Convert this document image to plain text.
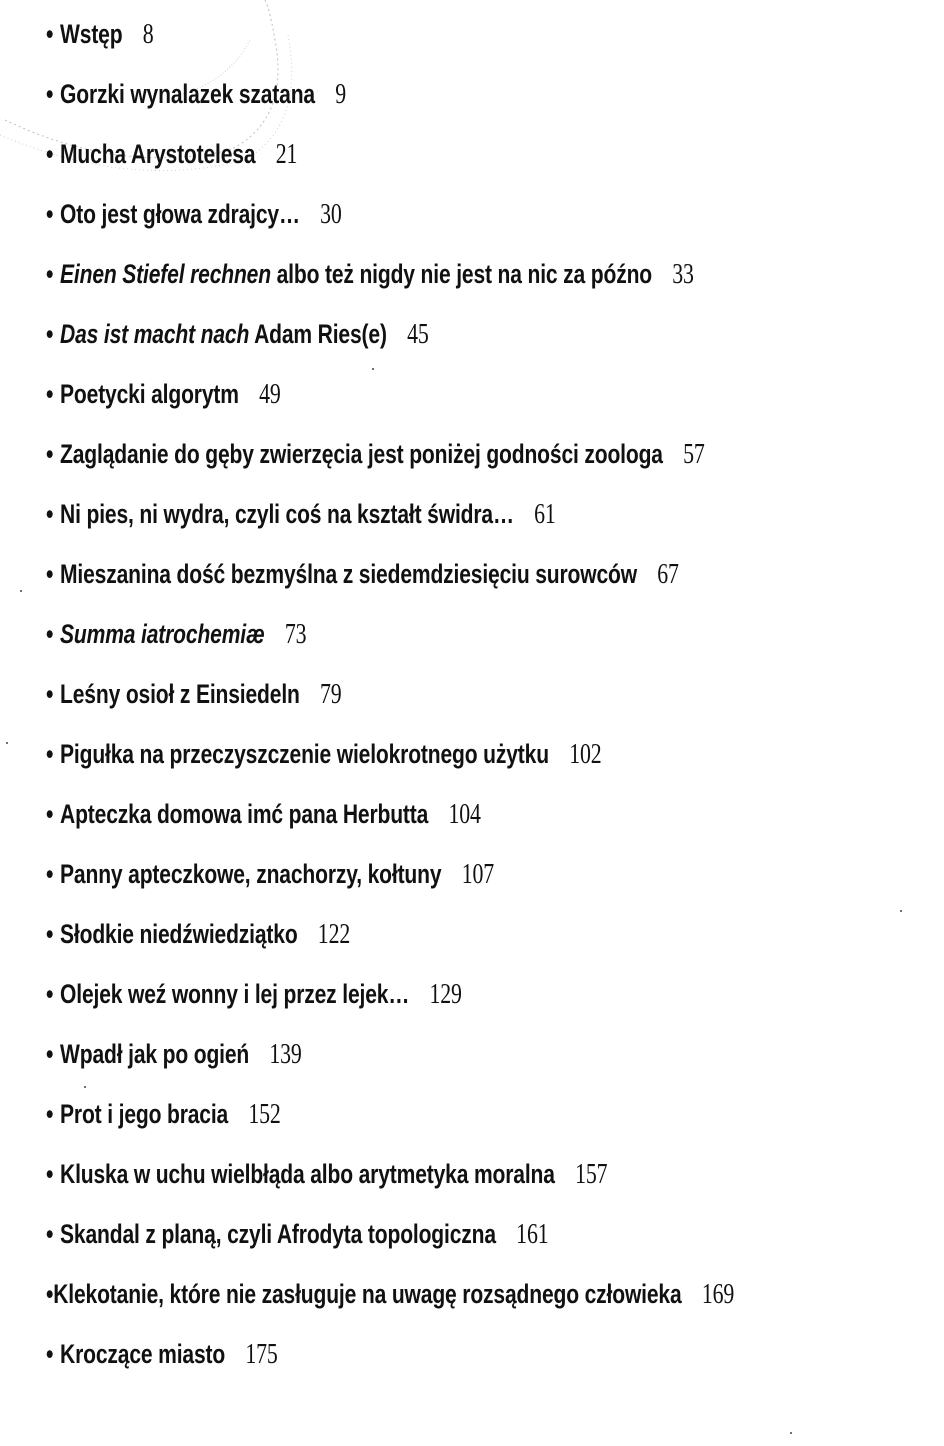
• Wstęp 8
• Gorzki wynalazek szatana 9
• Mucha Arystotelesa 21
• Oto jest głowa zdrajcy… 30
• Einen Stiefel rechnen albo też nigdy nie jest na nic za późno 33
• Das ist macht nach Adam Ries(e) 45
• Poetycki algorytm 49
• Zaglądanie do gęby zwierzęcia jest poniżej godności zoologa 57
• Ni pies, ni wydra, czyli coś na kształt świdra… 61
• Mieszanina dość bezmyślna z siedemdziesięciu surowców 67
• Summa iatrochemiæ 73
• Leśny osioł z Einsiedeln 79
• Pigułka na przeczyszczenie wielokrotnego użytku 102
• Apteczka domowa imć pana Herbutta 104
• Panny apteczkowe, znachorzy, kołtuny 107
• Słodkie niedźwiedziątko 122
• Olejek weź wonny i lej przez lejek… 129
• Wpadł jak po ogień 139
• Prot i jego bracia 152
• Kluska w uchu wielbłąda albo arytmetyka moralna 157
• Skandal z planą, czyli Afrodyta topologiczna 161
• Klekotanie, które nie zasługuje na uwagę rozsądnego człowieka 169
• Kroczące miasto 175
